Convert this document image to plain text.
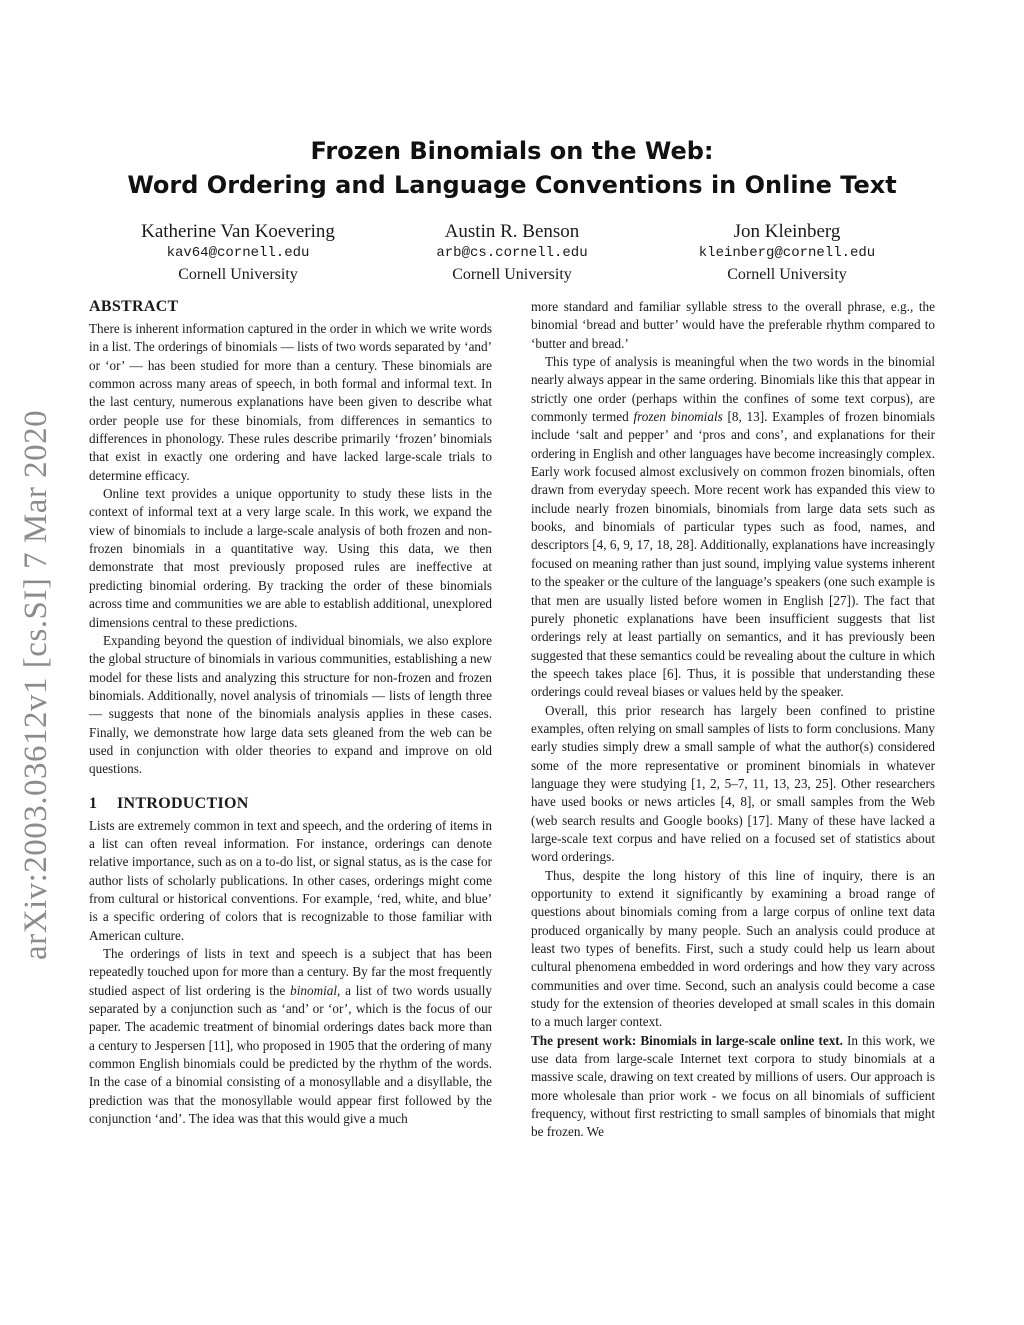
arXiv:2003.03612v1 [cs.SI] 7 Mar 2020
Frozen Binomials on the Web:
Word Ordering and Language Conventions in Online Text
Katherine Van Koevering
kav64@cornell.edu
Cornell University
Austin R. Benson
arb@cs.cornell.edu
Cornell University
Jon Kleinberg
kleinberg@cornell.edu
Cornell University
ABSTRACT

There is inherent information captured in the order in which we write words in a list. The orderings of binomials — lists of two words separated by ‘and’ or ‘or’ — has been studied for more than a century. These binomials are common across many areas of speech, in both formal and informal text. In the last century, numerous explanations have been given to describe what order people use for these binomials, from differences in semantics to differences in phonology. These rules describe primarily ‘frozen’ binomials that exist in exactly one ordering and have lacked large-scale trials to determine efficacy.

Online text provides a unique opportunity to study these lists in the context of informal text at a very large scale. In this work, we expand the view of binomials to include a large-scale analysis of both frozen and non-frozen binomials in a quantitative way. Using this data, we then demonstrate that most previously proposed rules are ineffective at predicting binomial ordering. By tracking the order of these binomials across time and communities we are able to establish additional, unexplored dimensions central to these predictions.

Expanding beyond the question of individual binomials, we also explore the global structure of binomials in various communities, establishing a new model for these lists and analyzing this structure for non-frozen and frozen binomials. Additionally, novel analysis of trinomials — lists of length three — suggests that none of the binomials analysis applies in these cases. Finally, we demonstrate how large data sets gleaned from the web can be used in conjunction with older theories to expand and improve on old questions.

1 INTRODUCTION

Lists are extremely common in text and speech, and the ordering of items in a list can often reveal information. For instance, orderings can denote relative importance, such as on a to-do list, or signal status, as is the case for author lists of scholarly publications. In other cases, orderings might come from cultural or historical conventions. For example, ‘red, white, and blue’ is a specific ordering of colors that is recognizable to those familiar with American culture.

The orderings of lists in text and speech is a subject that has been repeatedly touched upon for more than a century. By far the most frequently studied aspect of list ordering is the binomial, a list of two words usually separated by a conjunction such as ‘and’ or ‘or’, which is the focus of our paper. The academic treatment of binomial orderings dates back more than a century to Jespersen [11], who proposed in 1905 that the ordering of many common English binomials could be predicted by the rhythm of the words. In the case of a binomial consisting of a monosyllable and a disyllable, the prediction was that the monosyllable would appear first followed by the conjunction ‘and’. The idea was that this would give a much

more standard and familiar syllable stress to the overall phrase, e.g., the binomial ‘bread and butter’ would have the preferable rhythm compared to ‘butter and bread.’

This type of analysis is meaningful when the two words in the binomial nearly always appear in the same ordering. Binomials like this that appear in strictly one order (perhaps within the confines of some text corpus), are commonly termed frozen binomials [8, 13]. Examples of frozen binomials include ‘salt and pepper’ and ‘pros and cons’, and explanations for their ordering in English and other languages have become increasingly complex. Early work focused almost exclusively on common frozen binomials, often drawn from everyday speech. More recent work has expanded this view to include nearly frozen binomials, binomials from large data sets such as books, and binomials of particular types such as food, names, and descriptors [4, 6, 9, 17, 18, 28]. Additionally, explanations have increasingly focused on meaning rather than just sound, implying value systems inherent to the speaker or the culture of the language’s speakers (one such example is that men are usually listed before women in English [27]). The fact that purely phonetic explanations have been insufficient suggests that list orderings rely at least partially on semantics, and it has previously been suggested that these semantics could be revealing about the culture in which the speech takes place [6]. Thus, it is possible that understanding these orderings could reveal biases or values held by the speaker.

Overall, this prior research has largely been confined to pristine examples, often relying on small samples of lists to form conclusions. Many early studies simply drew a small sample of what the author(s) considered some of the more representative or prominent binomials in whatever language they were studying [1, 2, 5–7, 11, 13, 23, 25]. Other researchers have used books or news articles [4, 8], or small samples from the Web (web search results and Google books) [17]. Many of these have lacked a large-scale text corpus and have relied on a focused set of statistics about word orderings.

Thus, despite the long history of this line of inquiry, there is an opportunity to extend it significantly by examining a broad range of questions about binomials coming from a large corpus of online text data produced organically by many people. Such an analysis could produce at least two types of benefits. First, such a study could help us learn about cultural phenomena embedded in word orderings and how they vary across communities and over time. Second, such an analysis could become a case study for the extension of theories developed at small scales in this domain to a much larger context.

The present work: Binomials in large-scale online text. In this work, we use data from large-scale Internet text corpora to study binomials at a massive scale, drawing on text created by millions of users. Our approach is more wholesale than prior work - we focus on all binomials of sufficient frequency, without first restricting to small samples of binomials that might be frozen. We
